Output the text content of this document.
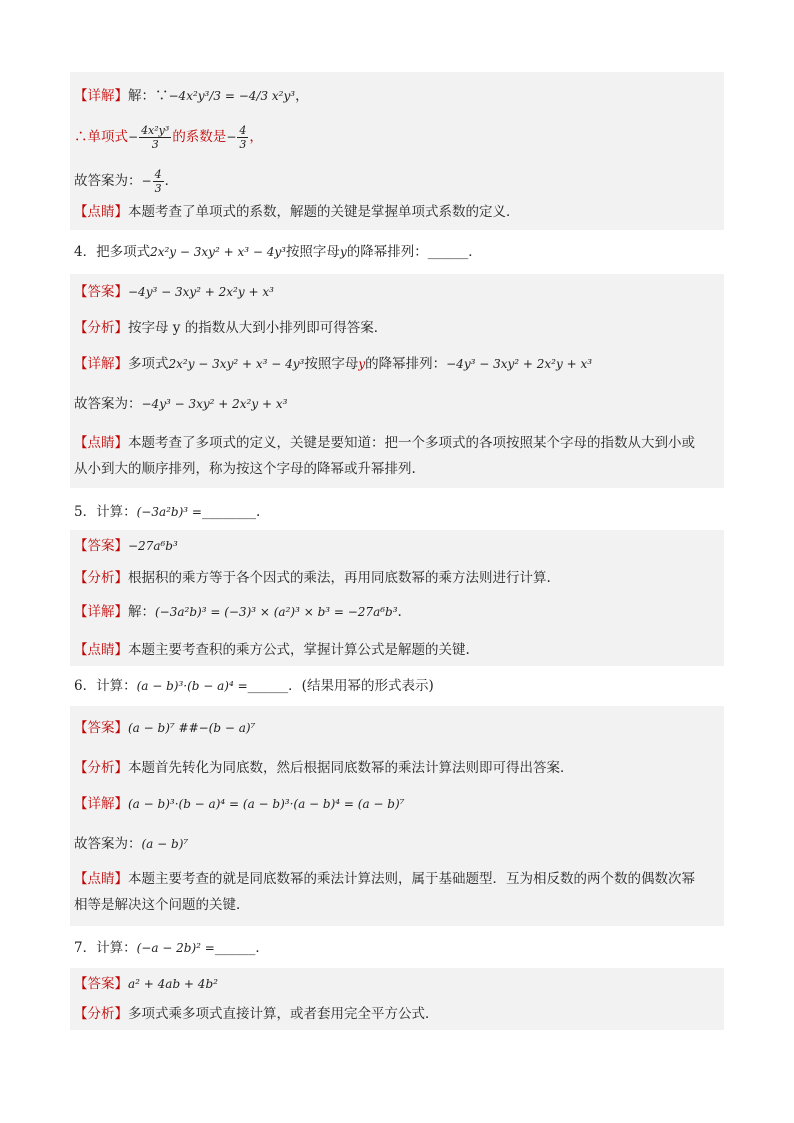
【详解】解：∵−4x²y³/3 = −4/3 x²y³，
∴单项式− $\frac{\text{4x²y³}}{3}$ 的系数是− $\frac{4}{3}$ ，
故答案为：− $\frac{4}{3}$ ．
【点睛】本题考查了单项式的系数，解题的关键是掌握单项式系数的定义．
4．把多项式2x²y − 3xy² + x³ − 4y³按照字母y的降幂排列：______．
【答案】−4y³ − 3xy² + 2x²y + x³
【分析】按字母 y 的指数从大到小排列即可得答案．
【详解】多项式2x²y − 3xy² + x³ − 4y³按照字母y的降幂排列：−4y³ − 3xy² + 2x²y + x³
故答案为：−4y³ − 3xy² + 2x²y + x³
【点睛】本题考查了多项式的定义，关键是要知道：把一个多项式的各项按照某个字母的指数从大到小或
从小到大的顺序排列，称为按这个字母的降幂或升幂排列.
5．计算：(−3a²b)³ =________.
【答案】−27a⁶b³
【分析】根据积的乘方等于各个因式的乘法，再用同底数幂的乘方法则进行计算.
【详解】解：(−3a²b)³ = (−3)³ × (a²)³ × b³ = −27a⁶b³.
【点睛】本题主要考查积的乘方公式，掌握计算公式是解题的关键.
6．计算：(a − b)³·(b − a)⁴ =______．(结果用幂的形式表示)
【答案】(a − b)⁷ ##−(b − a)⁷
【分析】本题首先转化为同底数，然后根据同底数幂的乘法计算法则即可得出答案．
【详解】(a − b)³·(b − a)⁴ = (a − b)³·(a − b)⁴ = (a − b)⁷
故答案为：(a − b)⁷
【点睛】本题主要考查的就是同底数幂的乘法计算法则，属于基础题型．互为相反数的两个数的偶数次幂
相等是解决这个问题的关键．
7．计算：(−a − 2b)² =______．
【答案】a² + 4ab + 4b²
【分析】多项式乘多项式直接计算，或者套用完全平方公式．
